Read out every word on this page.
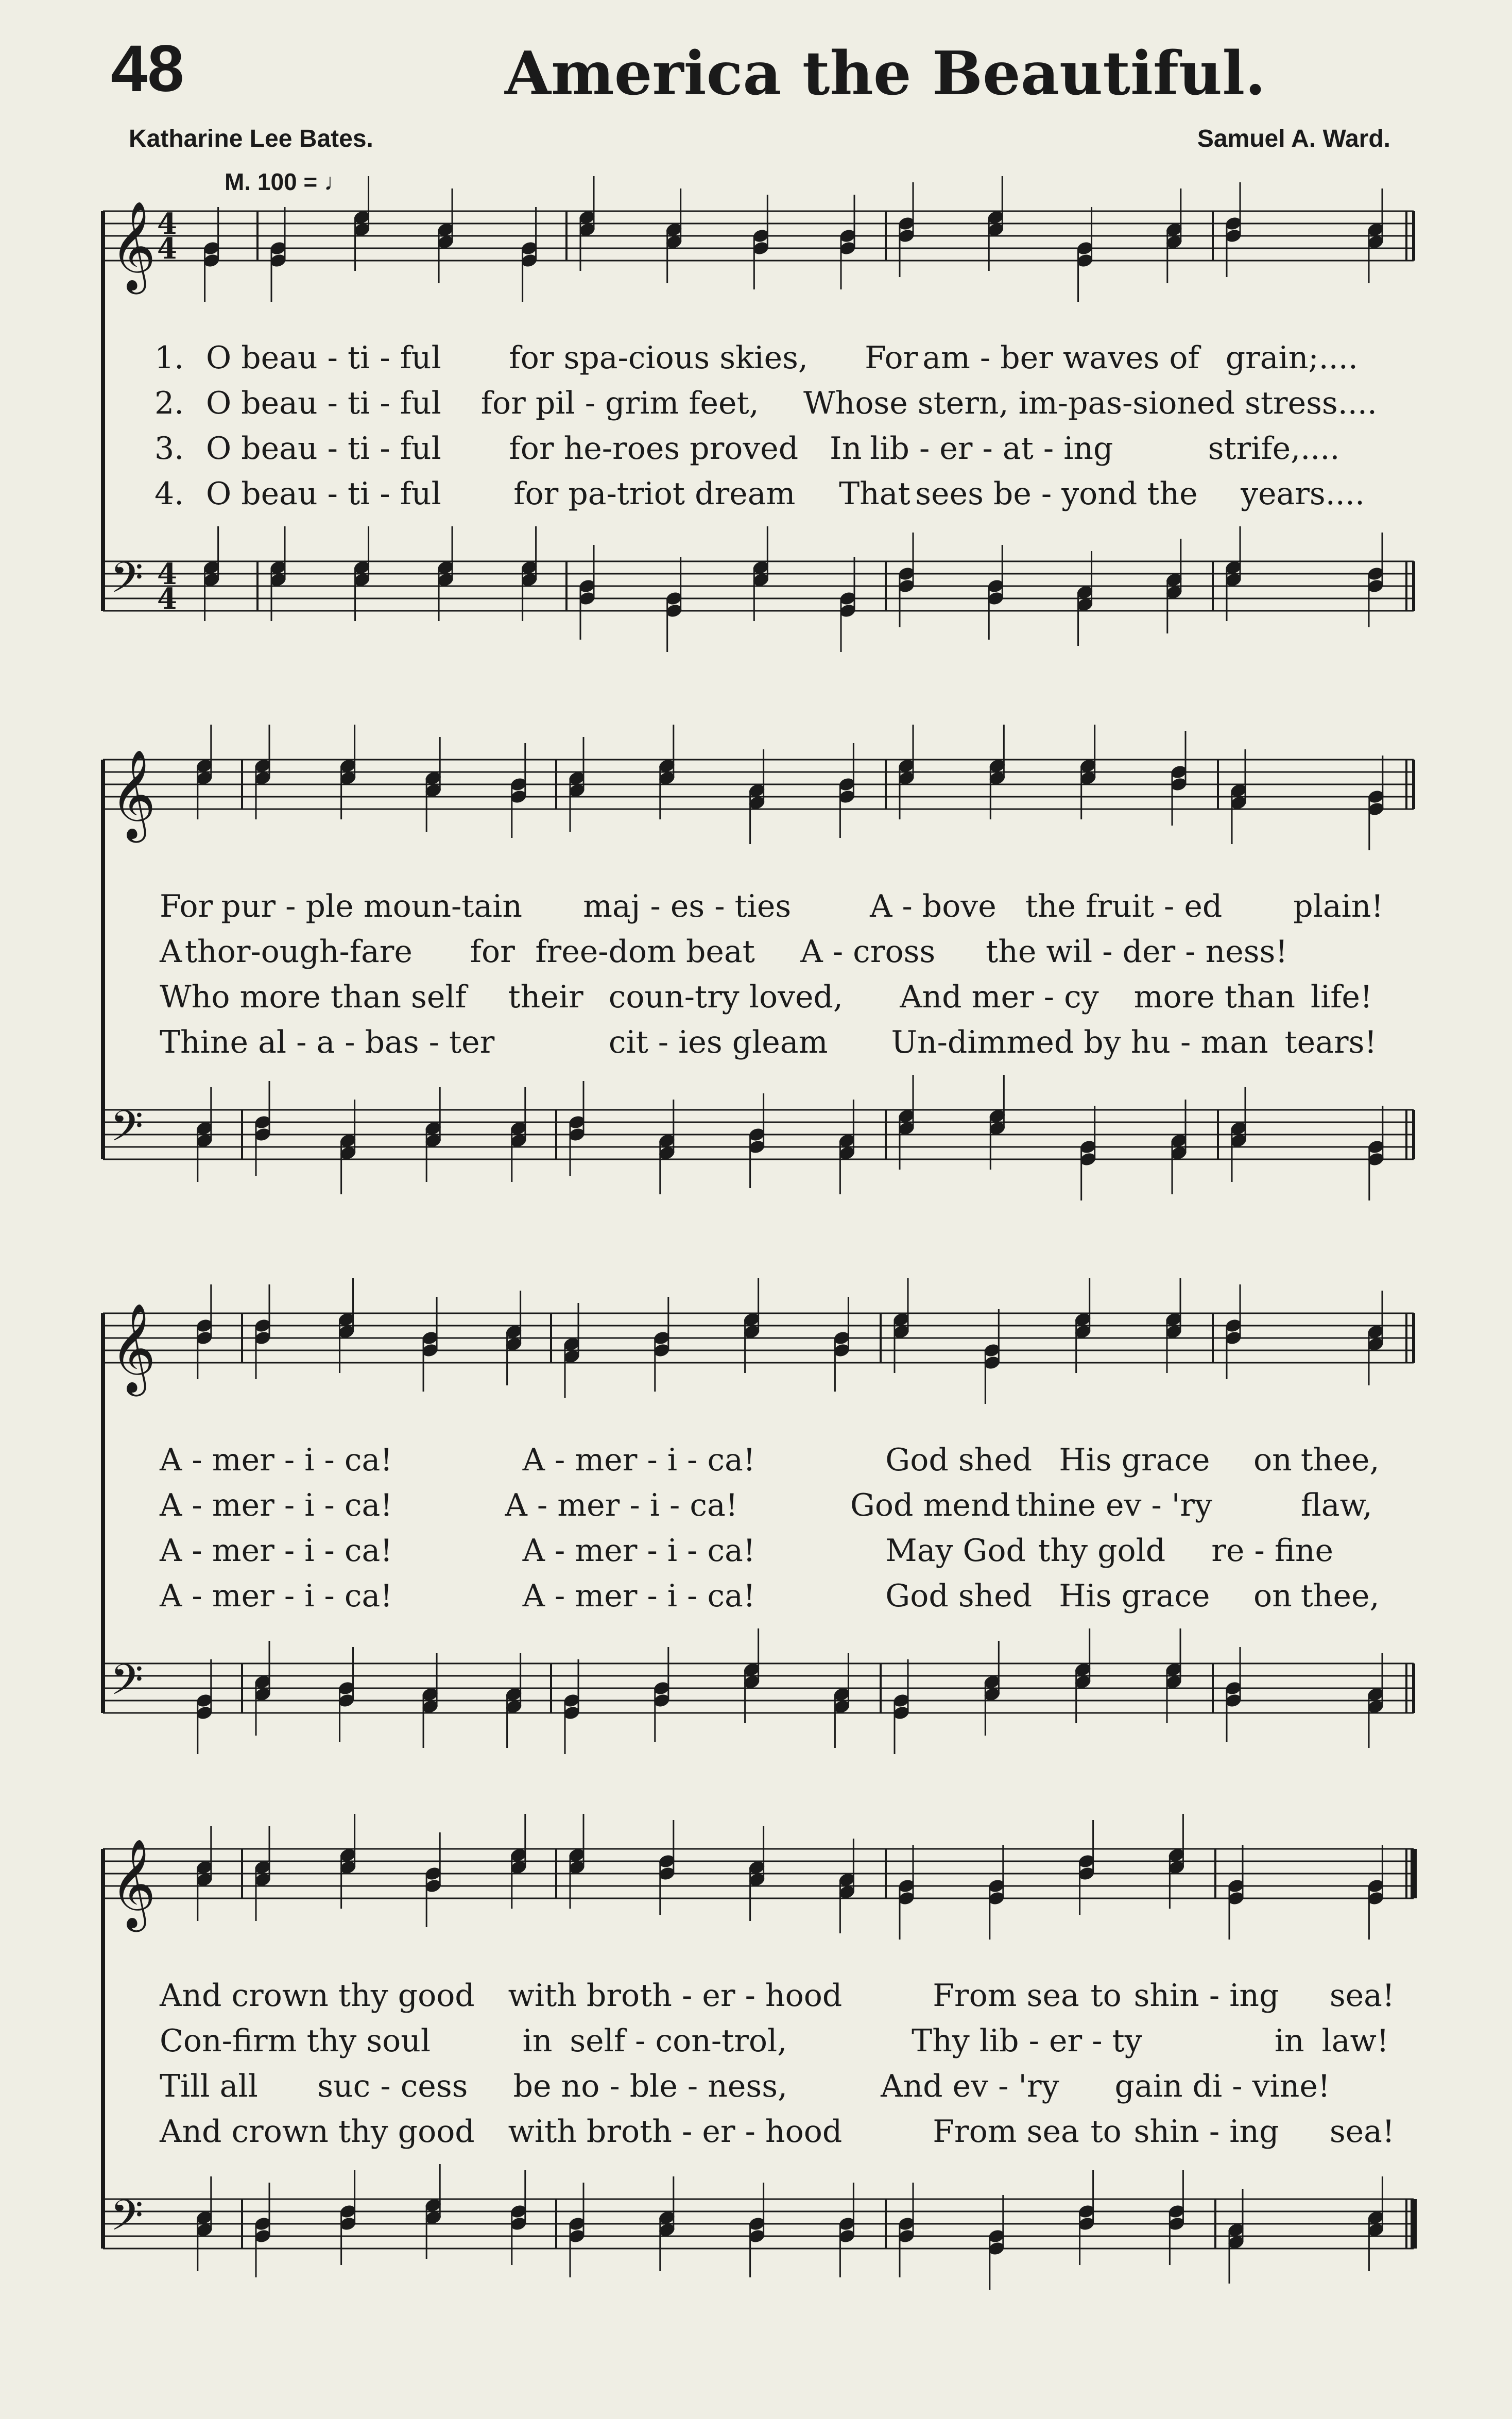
48	America the Beautiful.
Katharine Lee Bates.	Samuel A. Ward.
M. 100 = ♩
𝄞
𝄢
4
4
4
4
1. O beau - ti - ful for spa-cious skies, For am - ber waves of grain;....
2. O beau - ti - ful for pil - grim feet, Whose stern, im-pas-sioned stress....
3. O beau - ti - ful for he-roes proved In lib - er - at - ing	strife,....
4. O beau - ti - ful for pa-triot dream That sees be - yond the years....
𝄞
𝄢
For pur - ple moun-tain maj - es - ties	A - bove the fruit - ed plain!
A thor-ough-fare for free-dom beat A - cross the wil - der - ness!
Who more than self their coun-try loved, And mer - cy more than life!
Thine al - a - bas - ter	cit - ies gleam Un-dimmed by hu - man tears!
𝄞
𝄢
A - mer - i - ca!	A - mer - i - ca!	God shed His grace on thee,
A - mer - i - ca!	A - mer - i - ca!	God mend thine ev - 'ry	flaw,
A - mer - i - ca!	A - mer - i - ca!	May God thy gold re - fine
A - mer - i - ca!	A - mer - i - ca!	God shed His grace on thee,
𝄞
𝄢
And crown thy good with broth - er - hood	From sea to shin - ing sea!
Con-firm thy soul	in self - con-trol,	Thy lib - er - ty	in law!
Till all suc - cess be no - ble - ness,	And ev - 'ry gain di - vine!
And crown thy good with broth - er - hood	From sea to shin - ing sea!
